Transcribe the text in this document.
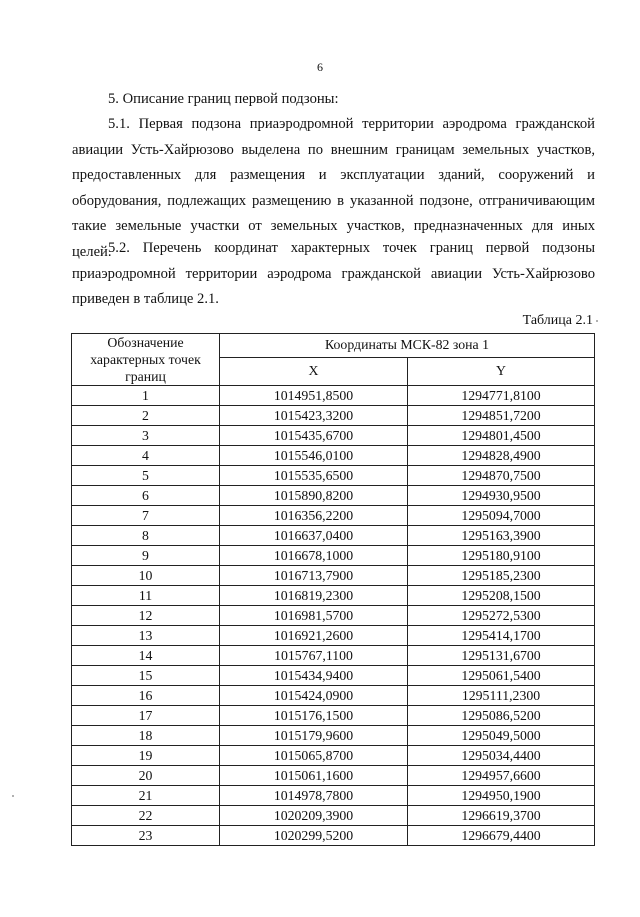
6
5. Описание границ первой подзоны:
5.1. Первая подзона приаэродромной территории аэродрома гражданской авиации Усть-Хайрюзово выделена по внешним границам земельных участков, предоставленных для размещения и эксплуатации зданий, сооружений и оборудования, подлежащих размещению в указанной подзоне, отграничивающим такие земельные участки от земельных участков, предназначенных для иных целей.
5.2. Перечень координат характерных точек границ первой подзоны приаэродромной территории аэродрома гражданской авиации Усть-Хайрюзово приведен в таблице 2.1.
Таблица 2.1
Обозначение характерных точек границ	Координаты МСК-82 зона 1	
	X	Y
1	1014951,8500	1294771,8100
2	1015423,3200	1294851,7200
3	1015435,6700	1294801,4500
4	1015546,0100	1294828,4900
5	1015535,6500	1294870,7500
6	1015890,8200	1294930,9500
7	1016356,2200	1295094,7000
8	1016637,0400	1295163,3900
9	1016678,1000	1295180,9100
10	1016713,7900	1295185,2300
11	1016819,2300	1295208,1500
12	1016981,5700	1295272,5300
13	1016921,2600	1295414,1700
14	1015767,1100	1295131,6700
15	1015434,9400	1295061,5400
16	1015424,0900	1295111,2300
17	1015176,1500	1295086,5200
18	1015179,9600	1295049,5000
19	1015065,8700	1295034,4400
20	1015061,1600	1294957,6600
21	1014978,7800	1294950,1900
22	1020209,3900	1296619,3700
23	1020299,5200	1296679,4400
